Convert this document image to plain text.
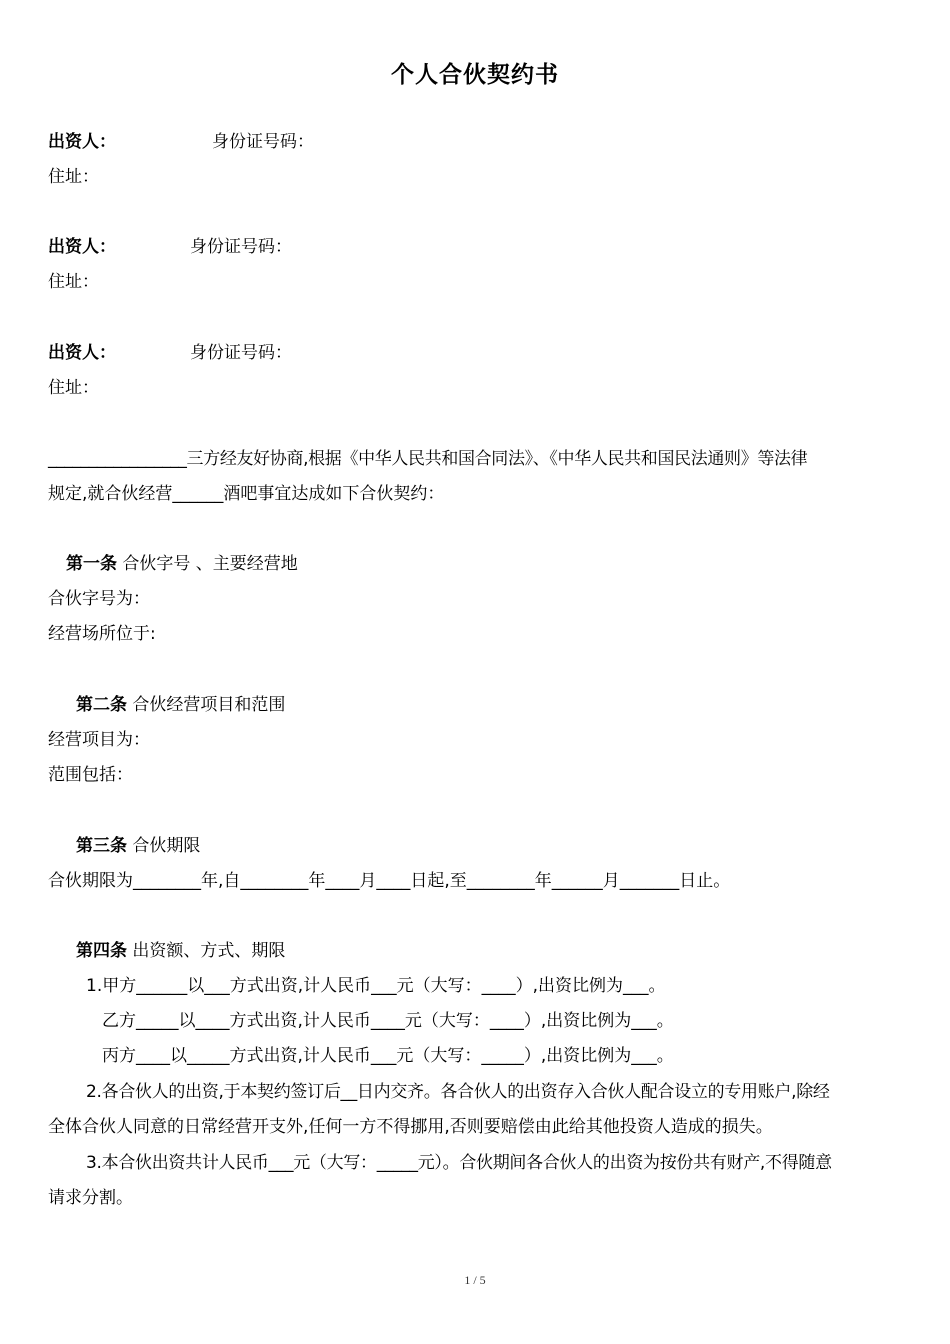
个人合伙契约书
出资人：	身份证号码：
住址：
出资人：	身份证号码：
住址：
出资人：	身份证号码：
住址：
_________________三方经友好协商,根据《中华人民共和国合同法》、《中华人民共和国民法通则》等法律
规定,就合伙经营______酒吧事宜达成如下合伙契约：
第一条 合伙字号 、主要经营地
合伙字号为：
经营场所位于:
第二条 合伙经营项目和范围
经营项目为：
范围包括：
第三条 合伙期限
合伙期限为________年,自________年____月____日起,至________年______月_______日止。
第四条 出资额、方式、期限
1.甲方______以___方式出资,计人民币___元（大写：____）,出资比例为___。
乙方_____以____方式出资,计人民币____元（大写：____）,出资比例为___。
丙方____以_____方式出资,计人民币___元（大写：_____）,出资比例为___。
2.各合伙人的出资,于本契约签订后__日内交齐。各合伙人的出资存入合伙人配合设立的专用账户,除经
全体合伙人同意的日常经营开支外,任何一方不得挪用,否则要赔偿由此给其他投资人造成的损失。
3.本合伙出资共计人民币___元（大写：_____元）。合伙期间各合伙人的出资为按份共有财产,不得随意
请求分割。
1 / 5
